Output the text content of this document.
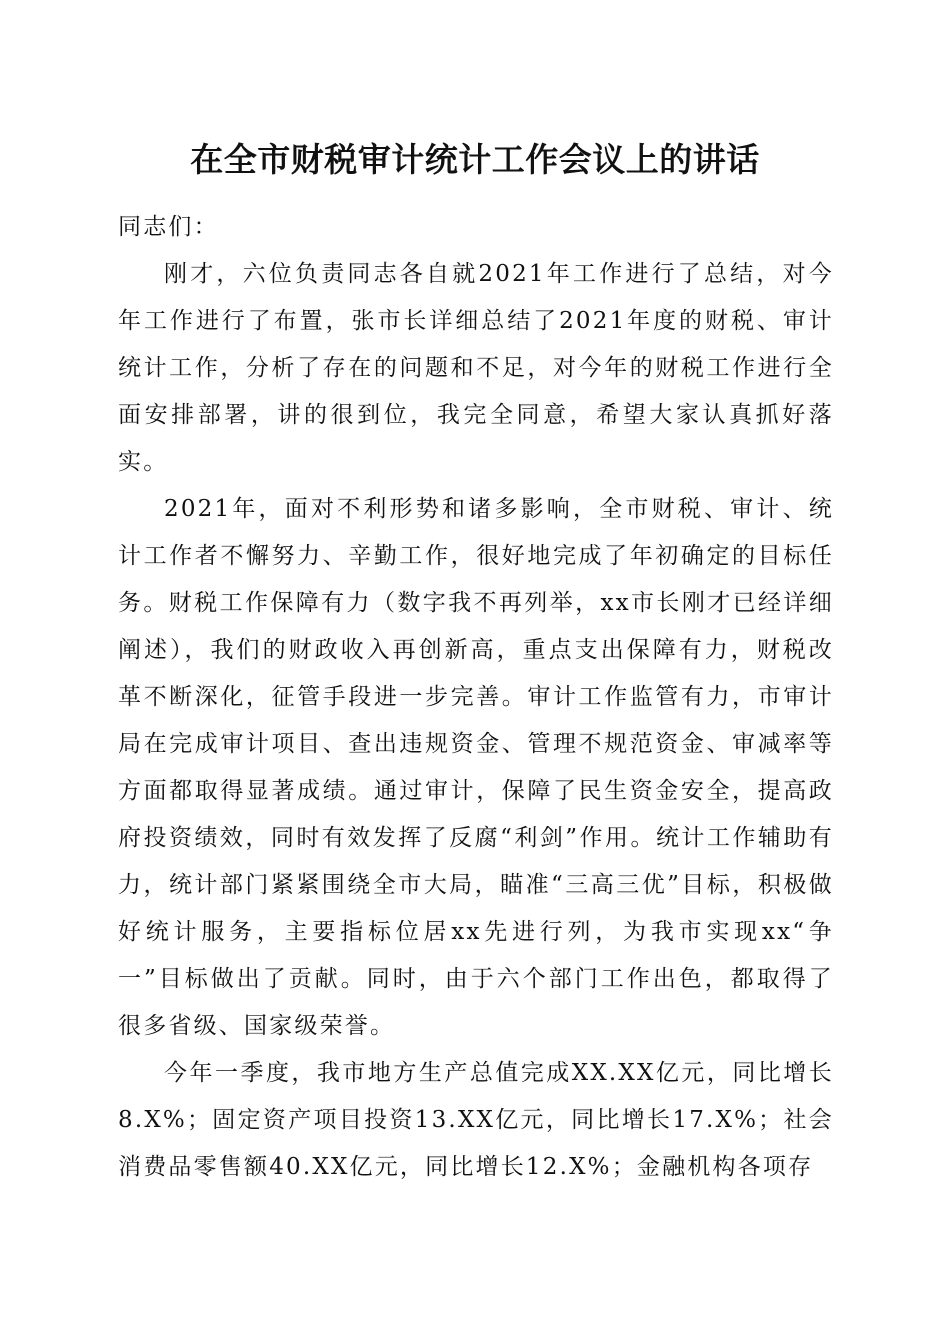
在全市财税审计统计工作会议上的讲话

同志们：

刚才，六位负责同志各自就2021年工作进行了总结，对今年工作进行了布置，张市长详细总结了2021年度的财税、审计统计工作，分析了存在的问题和不足，对今年的财税工作进行全面安排部署，讲的很到位，我完全同意，希望大家认真抓好落实。

2021年，面对不利形势和诸多影响，全市财税、审计、统计工作者不懈努力、辛勤工作，很好地完成了年初确定的目标任务。财税工作保障有力（数字我不再列举，xx市长刚才已经详细阐述），我们的财政收入再创新高，重点支出保障有力，财税改革不断深化，征管手段进一步完善。审计工作监管有力，市审计局在完成审计项目、查出违规资金、管理不规范资金、审减率等方面都取得显著成绩。通过审计，保障了民生资金安全，提高政府投资绩效，同时有效发挥了反腐“利剑”作用。统计工作辅助有力，统计部门紧紧围绕全市大局，瞄准“三高三优”目标，积极做好统计服务，主要指标位居xx先进行列，为我市实现xx“争一”目标做出了贡献。同时，由于六个部门工作出色，都取得了很多省级、国家级荣誉。

今年一季度，我市地方生产总值完成XX.XX亿元，同比增长8.X%；固定资产项目投资13.XX亿元，同比增长17.X%；社会消费品零售额40.XX亿元，同比增长12.X%；金融机构各项存
